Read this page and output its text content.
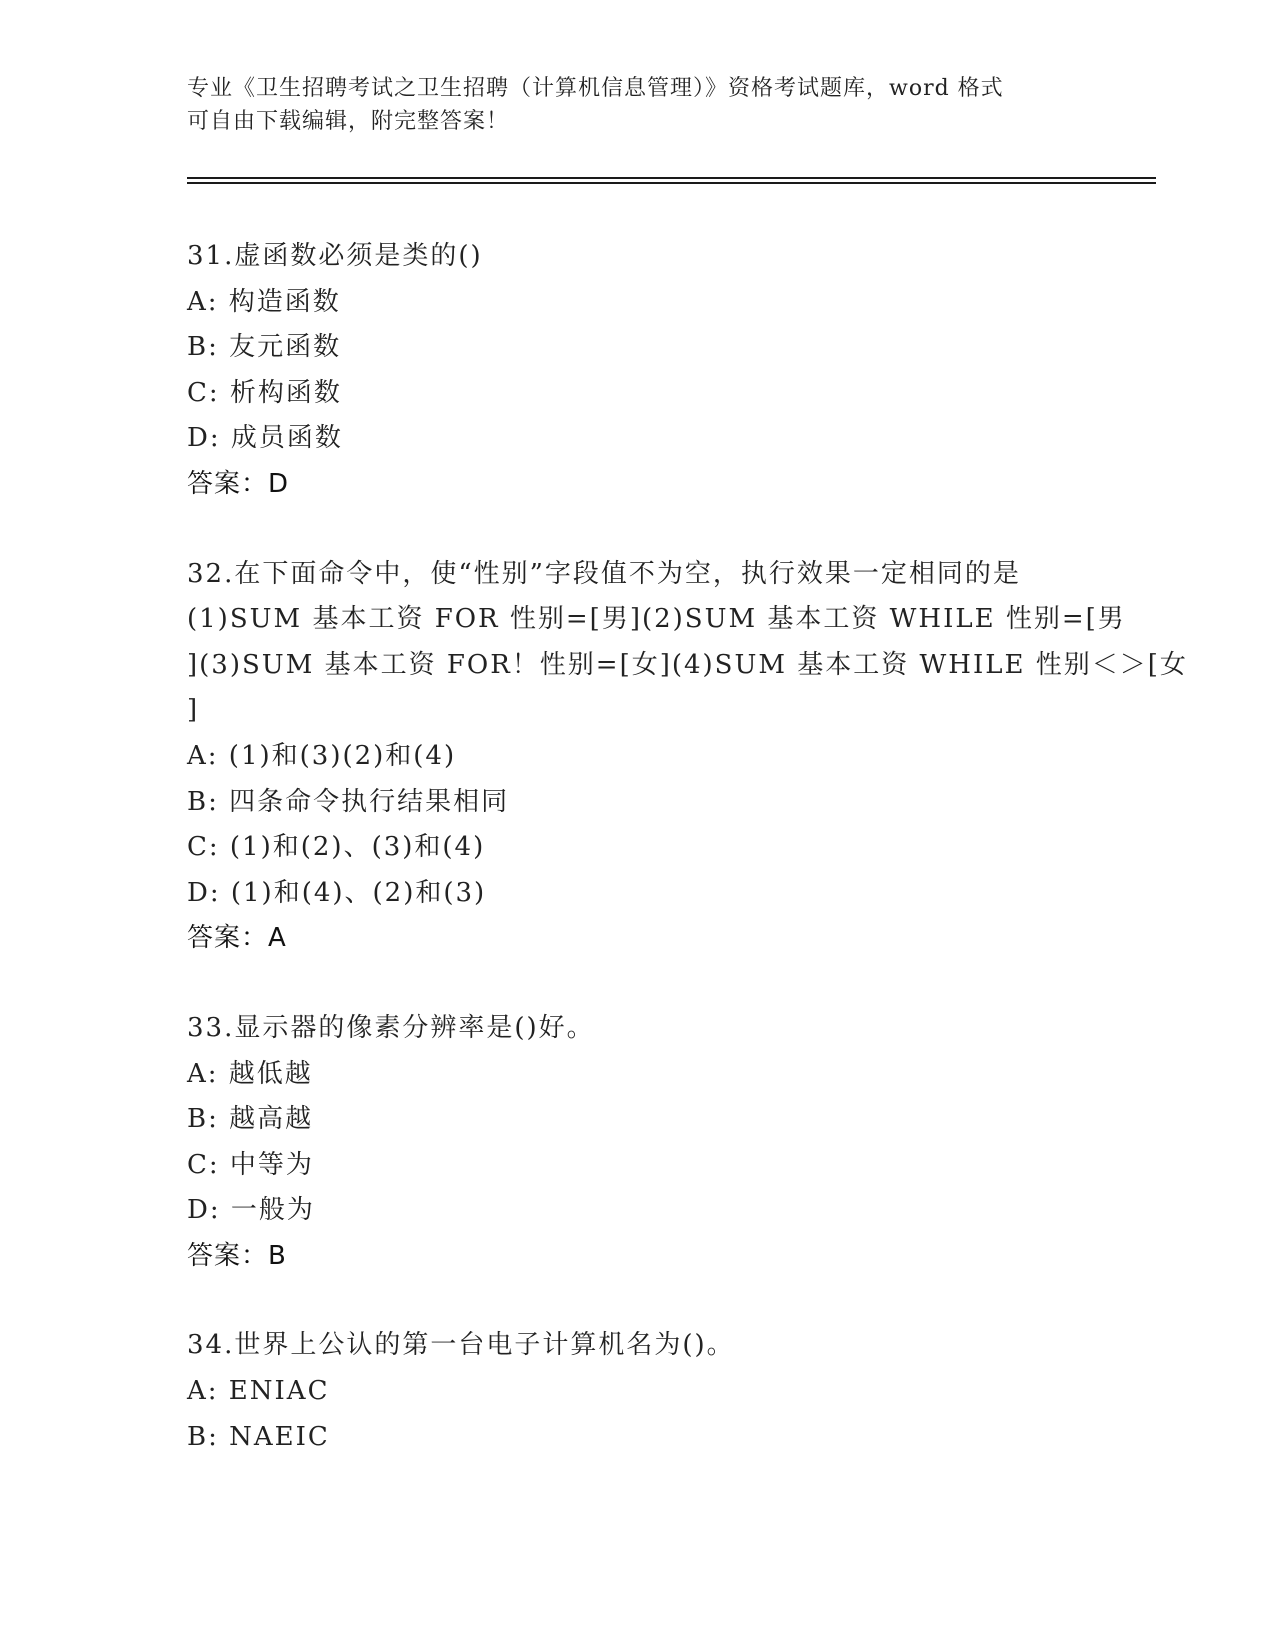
专业《卫生招聘考试之卫生招聘（计算机信息管理）》资格考试题库，word 格式
可自由下载编辑，附完整答案！
31.虚函数必须是类的()
A: 构造函数
B: 友元函数
C: 析构函数
D: 成员函数
答案：D
32.在下面命令中，使“性别”字段值不为空，执行效果一定相同的是
(1)SUM 基本工资 FOR 性别=[男](2)SUM 基本工资 WHILE 性别=[男
](3)SUM 基本工资 FOR！性别=[女](4)SUM 基本工资 WHILE 性别＜＞[女
]
A: (1)和(3)(2)和(4)
B: 四条命令执行结果相同
C: (1)和(2)、(3)和(4)
D: (1)和(4)、(2)和(3)
答案：A
33.显示器的像素分辨率是()好。
A: 越低越
B: 越高越
C: 中等为
D: 一般为
答案：B
34.世界上公认的第一台电子计算机名为()。
A: ENIAC
B: NAEIC
